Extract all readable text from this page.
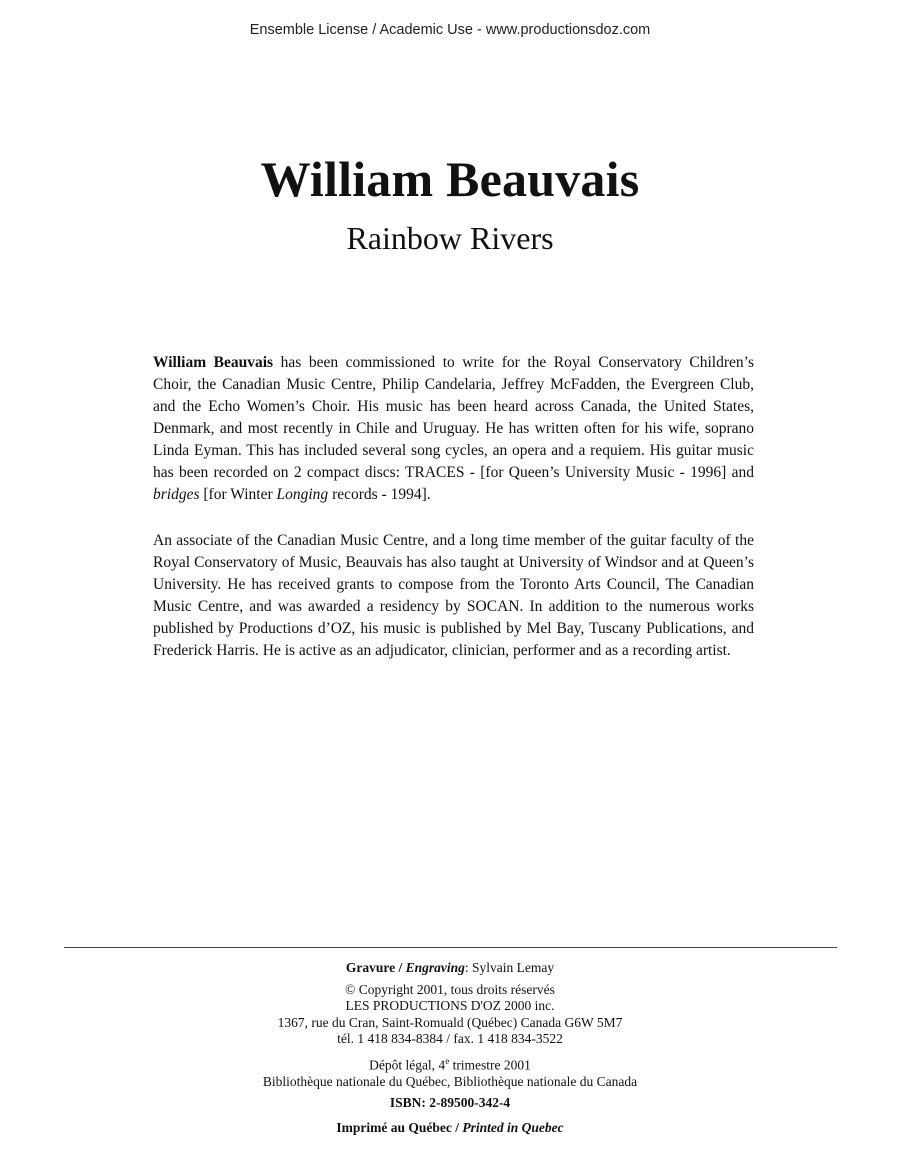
Ensemble License / Academic Use - www.productionsdoz.com
William Beauvais
Rainbow Rivers

William Beauvais has been commissioned to write for the Royal Conservatory Children’s Choir, the Canadian Music Centre, Philip Candelaria, Jeffrey McFadden, the Evergreen Club, and the Echo Women’s Choir. His music has been heard across Canada, the United States, Denmark, and most recently in Chile and Uruguay. He has written often for his wife, soprano Linda Eyman. This has included several song cycles, an opera and a requiem. His guitar music has been recorded on 2 compact discs: TRACES - [for Queen’s University Music - 1996] and bridges [for Winter Longing records - 1994].

An associate of the Canadian Music Centre, and a long time member of the guitar faculty of the Royal Conservatory of Music, Beauvais has also taught at University of Windsor and at Queen’s University. He has received grants to compose from the Toronto Arts Council, The Canadian Music Centre, and was awarded a residency by SOCAN. In addition to the numerous works published by Productions d’OZ, his music is published by Mel Bay, Tuscany Publications, and Frederick Harris. He is active as an adjudicator, clinician, performer and as a recording artist.

Gravure / Engraving: Sylvain Lemay
© Copyright 2001, tous droits réservés
LES PRODUCTIONS D'OZ 2000 inc.
1367, rue du Cran, Saint-Romuald (Québec) Canada G6W 5M7
tél. 1 418 834-8384 / fax. 1 418 834-3522
Dépôt légal, 4e trimestre 2001
Bibliothèque nationale du Québec, Bibliothèque nationale du Canada
ISBN: 2-89500-342-4
Imprimé au Québec / Printed in Quebec
